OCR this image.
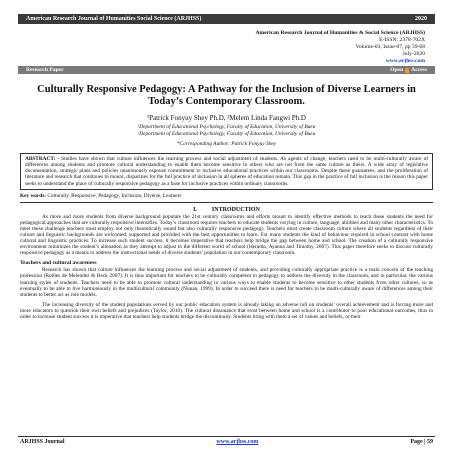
American Research Journal of Humanities Social Science (ARJHSS)	2020
American Research Journal of Humanities & Social Science (ARJHSS)
E-ISSN: 2378-702X
Volume-03, Issue-07, pp 59-68
July-2020
www.arjhss.com
Research Paper	Open Access
Culturally Responsive Pedagogy: A Pathway for the Inclusion of Diverse Learners in Today’s Contemporary Classroom.
¹Patrick Fonyuy Shey Ph.D, ²Melem Linda Fangwi Ph.D
¹Department of Educational Psychology, Faculty of Education, University of Buea
²Department of Educational Psychology, Faculty of Education, University of Buea
*Corresponding Author: Patrick Fonyuy Shey
ABSTRACT: - Studies have shown that culture influences the learning process and social adjustment of students. As agents of change, teachers need to be multi-culturally aware of differences among students and promote cultural understanding to enable them become sensitive to others who are not from the same culture as theirs. A wide array of legislative documentation, strategic plans and policies unanimously espouse commitment to inclusive educational practices within our classrooms. Despite these guarantees, and the proliferation of literature and research that continues to mount, disparities for the full practice of inclusion in all spheres of education remain. This gap in the practice of full inclusion is the reason this paper seeks to understand the place of culturally responsive pedagogy as a base for inclusive practices within ordinary classrooms.
Key words: Culturally, Responsive, Pedagogy, Inclusion, Diverse, Learners
I.          INTRODUCTION

As more and more students from diverse background populate the 21st century classrooms and efforts mount to identify effective methods to teach these students the need for pedagogical approaches that are culturally responsive intensifies. Today’s classroom requires teachers to educate students varying in culture, language, abilities and many other characteristics. To meet these challenge teachers must employ not only theoretically sound but also culturally responsive pedagogy. Teachers must create classroom culture where all students regardless of their culture and linguistic backgrounds are welcomed, supported and provided with the best opportunities to learn. For many students the kind of behaviour required in school contrast with home cultural and linguistic practices. To increase such student success, it becomes imperative that teachers help bridge the gap between home and school. The creation of a culturally responsive environment minimizes the student’s alienation as they attempt to adjust to the different world of school (Heraldo, Ayanna and Timothy, 2007). This paper therefore seeks to discuss culturally responsive pedagogy as a means to address the instructional needs of diverse students’ population in our contemporary classroom.

Teachers and cultural awareness

Research has shown that culture influences the learning process and social adjustment of students, and providing culturally appropriate practice is a main concern of the teaching profession (Robles de Melendez & Beck 2007). It is thus important for teachers to be culturally competent in pedagogy to address the diversity in the classroom, and in particular, the various learning styles of students. Teachers need to be able to promote cultural understanding in various ways to enable students to become sensitive to other students from other cultures, so as eventually to be able to live harmoniously in the multicultural community (Nunan, 1999). In order to succeed there is need for teachers to be multi-culturally aware of differences among their students to better act as role models.

The increasing diversity of the student populations served by our public education system is already taking an adverse toll on students’ overall achievement and is forcing more and more educators to question their own beliefs and prejudices (Taylor, 2010). The cultural dissonance that exist between home and school is a contributor to poor educational outcomes, thus in order to increase student success it is imperative that teachers help students bridge the discontinuity. Students bring with them a set of values and beliefs, or their

ARJHSS Journal	www.arjhss.com	Page | 59
